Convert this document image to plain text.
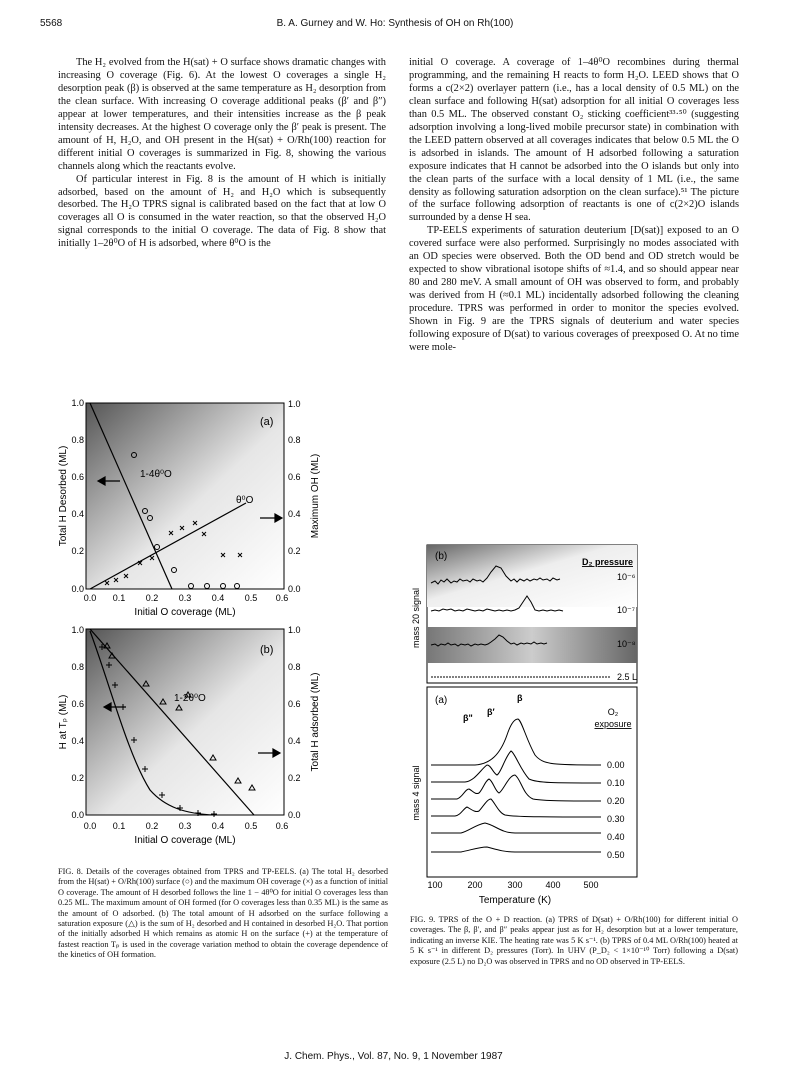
5568	B. A. Gurney and W. Ho: Synthesis of OH on Rh(100)

The H₂ evolved from the H(sat) + O surface shows dramatic changes with increasing O coverage (Fig. 6). At the lowest O coverages a single H₂ desorption peak (β) is observed at the same temperature as H₂ desorption from the clean surface. With increasing O coverage additional peaks (β′ and β″) appear at lower temperatures, and their intensities increase as the β peak intensity decreases. At the highest O coverage only the β′ peak is present. The amount of H, H₂O, and OH present in the H(sat) + O/Rh(100) reaction for different initial O coverages is summarized in Fig. 8, showing the various channels along which the reactants evolve.

Of particular interest in Fig. 8 is the amount of H which is initially adsorbed, based on the amount of H₂ and H₂O which is subsequently desorbed. The H₂O TPRS signal is calibrated based on the fact that at low O coverages all O is consumed in the water reaction, so that the observed H₂O signal corresponds to the initial O coverage. The data of Fig. 8 show that initially 1–2θ⁰O of H is adsorbed, where θ⁰O is the

initial O coverage. A coverage of 1–4θ⁰O recombines during thermal programming, and the remaining H reacts to form H₂O. LEED shows that O forms a c(2×2) overlayer pattern (i.e., has a local density of 0.5 ML) on the clean surface and following H(sat) adsorption for all initial O coverages less than 0.5 ML. The observed constant O₂ sticking coefficient³³·⁵⁰ (suggesting adsorption involving a long-lived mobile precursor state) in combination with the LEED pattern observed at all coverages indicates that below 0.5 ML the O is adsorbed in islands. The amount of H adsorbed following a saturation exposure indicates that H cannot be adsorbed into the O islands but only into the clean parts of the surface with a local density of 1 ML (i.e., the same density as following saturation adsorption on the clean surface).⁵¹ The picture of the surface following adsorption of reactants is one of c(2×2)O islands surrounded by a dense H sea.

TP-EELS experiments of saturation deuterium [D(sat)] exposed to an O covered surface were also performed. Surprisingly no modes associated with an OD species were observed. Both the OD bend and OD stretch would be expected to show vibrational isotope shifts of ≈1.4, and so should appear near 80 and 280 meV. A small amount of OH was observed to form, and probably was derived from H (≈0.1 ML) incidentally adsorbed following the cleaning procedure. TPRS was performed in order to monitor the species evolved. Shown in Fig. 9 are the TPRS signals of deuterium and water species following exposure of D(sat) to various coverages of preexposed O. At no time were mole-

(a)
0.0
0.2
0.4
0.6
0.8
1.0
0.0
0.2
0.4
0.6
0.8
1.0
0.0 0.1 0.2 0.3 0.4 0.5 0.6
Initial O coverage (ML)
Total H Desorbed (ML)	Maximum OH (ML)
1-4θ⁰O
θ⁰O
(b)
0.0
0.2
0.4
0.6
0.8
1.0
0.0
0.2
0.4
0.6
0.8
1.0
0.0 0.1 0.2 0.3 0.4 0.5 0.6
Initial O coverage (ML)
H at Tₚ (ML)	Total H adsorbed (ML)
1-2θ⁰O
FIG. 8. Details of the coverages obtained from TPRS and TP-EELS. (a) The total H₂ desorbed from the H(sat) + O/Rh(100) surface (○) and the maximum OH coverage (×) as a function of initial O coverage. The amount of H desorbed follows the line 1 − 4θ⁰O for initial O coverages less than 0.25 ML. The maximum amount of OH formed (for O coverages less than 0.35 ML) is the same as the amount of O adsorbed. (b) The total amount of H adsorbed on the surface following a saturation exposure (△) is the sum of H₂ desorbed and H contained in desorbed H₂O. That portion of the initially adsorbed H which remains as atomic H on the surface (+) at the temperature of fastest reaction Tₚ is used in the coverage variation method to obtain the coverage dependence of the kinetics of OH formation.
(b)	D₂ pressure
mass 20 signal
10⁻⁶
10⁻⁷
10⁻⁸
2.5 L
(a)
β"
β′
β
O₂
exposure
mass 4 signal
0.00
0.10
0.20
0.30
0.40
0.50
100	200	300	400	500
Temperature (K)
FIG. 9. TPRS of the O + D reaction. (a) TPRS of D(sat) + O/Rh(100) for different initial O coverages. The β, β′, and β″ peaks appear just as for H₂ desorption but at a lower temperature, indicating an inverse KIE. The heating rate was 5 K s⁻¹. (b) TPRS of 0.4 ML O/Rh(100) heated at 5 K s⁻¹ in different D₂ pressures (Torr). In UHV (P_D₂ < 1×10⁻¹⁰ Torr) following a D(sat) exposure (2.5 L) no D₂O was observed in TPRS and no OD observed in TP-EELS.
J. Chem. Phys., Vol. 87, No. 9, 1 November 1987
